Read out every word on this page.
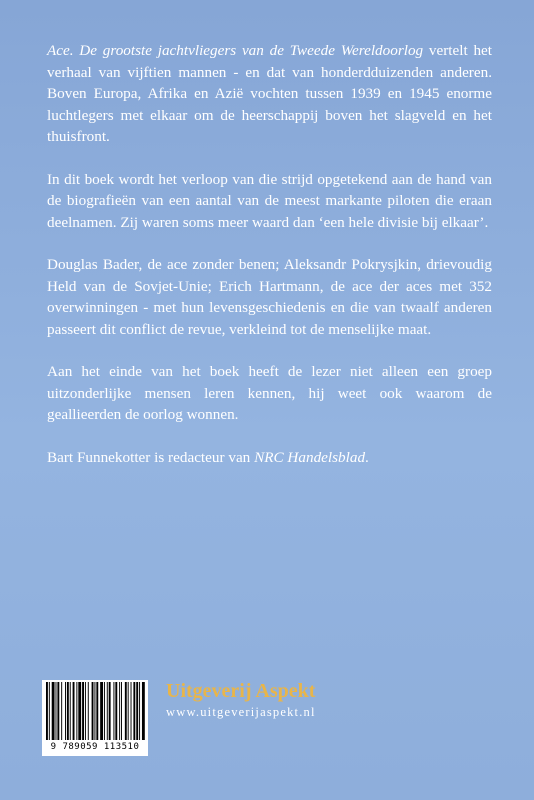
Ace. De grootste jachtvliegers van de Tweede Wereldoorlog vertelt het verhaal van vijftien mannen - en dat van honderdduizenden anderen. Boven Europa, Afrika en Azië vochten tussen 1939 en 1945 enorme luchtlegers met elkaar om de heerschappij boven het slagveld en het thuisfront.

In dit boek wordt het verloop van die strijd opgetekend aan de hand van de biografieën van een aantal van de meest markante piloten die eraan deelnamen. Zij waren soms meer waard dan ‘een hele divisie bij elkaar’.

Douglas Bader, de ace zonder benen; Aleksandr Pokrysjkin, drievoudig Held van de Sovjet-Unie; Erich Hartmann, de ace der aces met 352 overwinningen - met hun levensgeschiedenis en die van twaalf anderen passeert dit conflict de revue, verkleind tot de menselijke maat.

Aan het einde van het boek heeft de lezer niet alleen een groep uitzonderlijke mensen leren kennen, hij weet ook waarom de geallieerden de oorlog wonnen.

Bart Funnekotter is redacteur van NRC Handelsblad.

9 789059 113510
Uitgeverij Aspekt
www.uitgeverijaspekt.nl
